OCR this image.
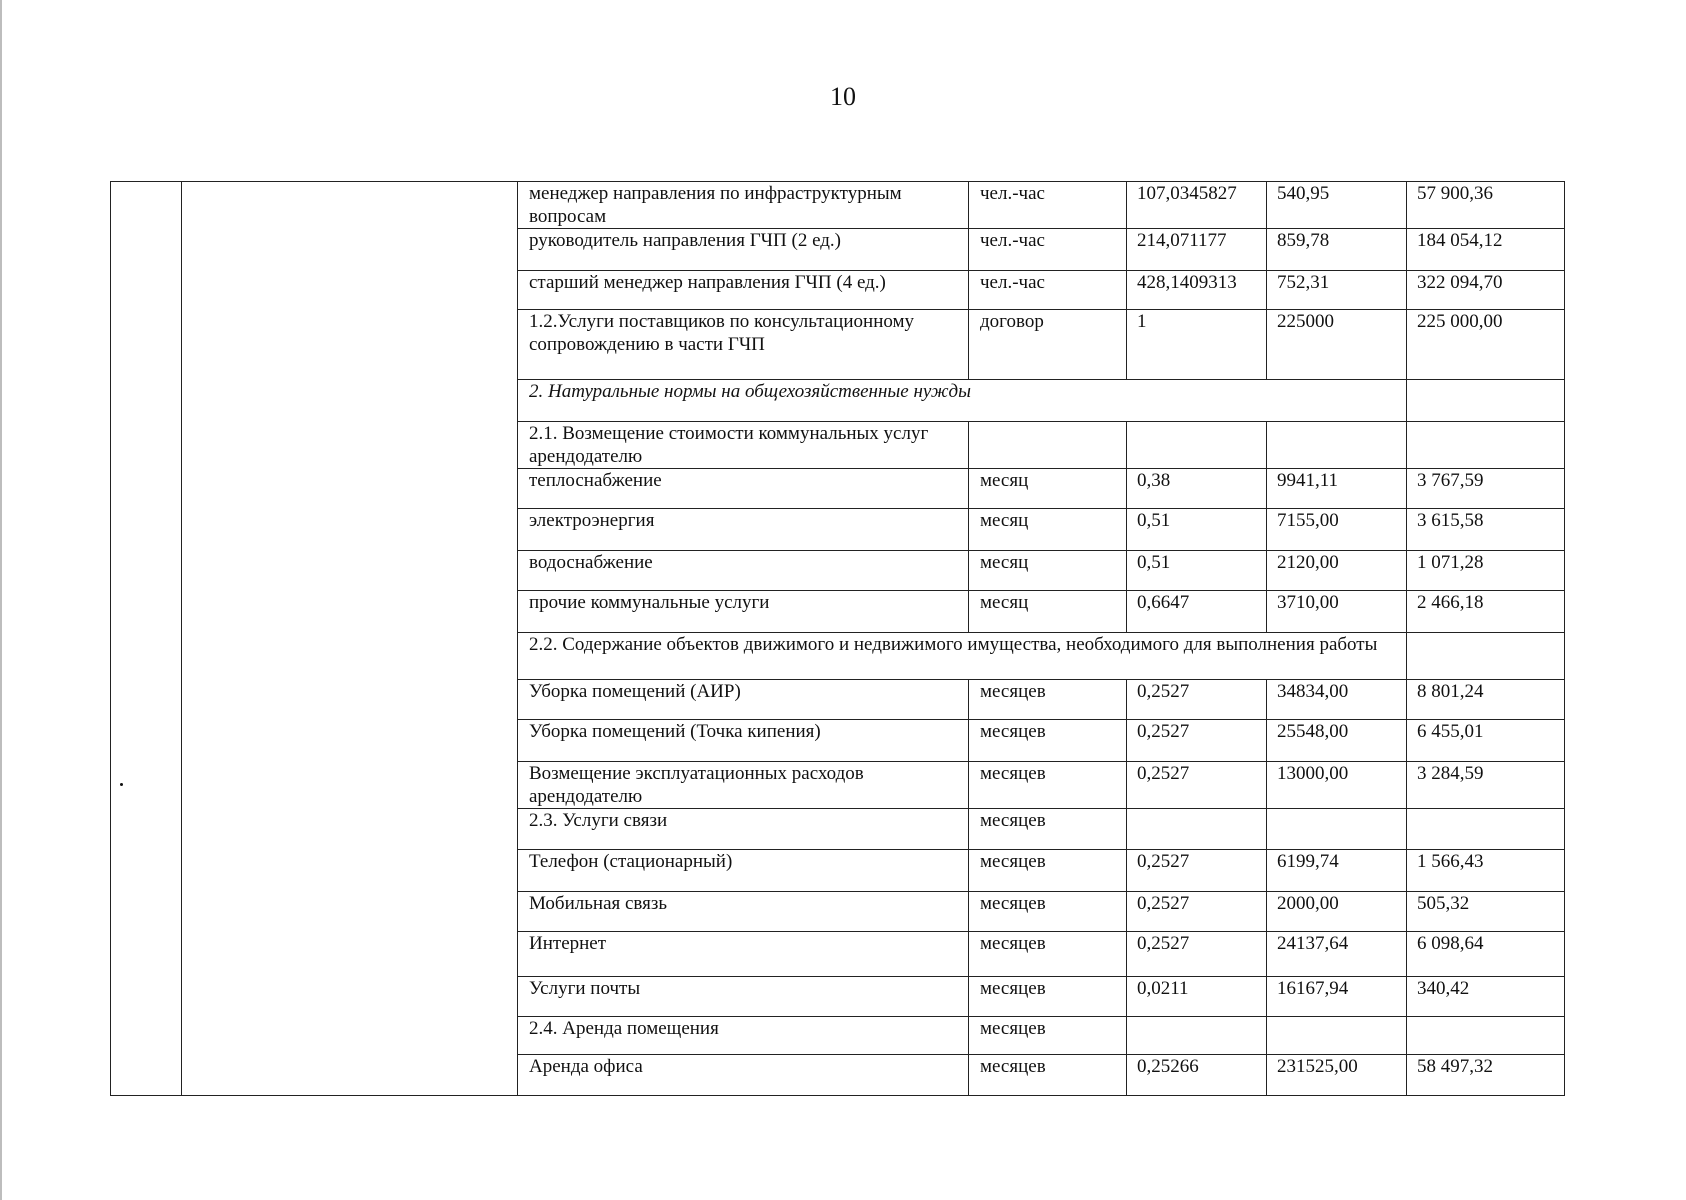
10
		менеджер направления по инфраструктурным вопросам	чел.-час	107,0345827	540,95	57 900,36
		руководитель направления ГЧП (2 ед.)	чел.-час	214,071177	859,78	184 054,12
		старший менеджер направления ГЧП (4 ед.)	чел.-час	428,1409313	752,31	322 094,70
		1.2.Услуги поставщиков по консультационному сопровождению в части ГЧП	договор	1	225000	225 000,00
		2. Натуральные нормы на общехозяйственные нужды				
		2.1. Возмещение стоимости коммунальных услуг арендодателю				
		теплоснабжение	месяц	0,38	9941,11	3 767,59
		электроэнергия	месяц	0,51	7155,00	3 615,58
		водоснабжение	месяц	0,51	2120,00	1 071,28
		прочие коммунальные услуги	месяц	0,6647	3710,00	2 466,18
		2.2. Содержание объектов движимого и недвижимого имущества, необходимого для выполнения работы				
		Уборка помещений (АИР)	месяцев	0,2527	34834,00	8 801,24
		Уборка помещений (Точка кипения)	месяцев	0,2527	25548,00	6 455,01
		Возмещение эксплуатационных расходов арендодателю	месяцев	0,2527	13000,00	3 284,59
		2.3. Услуги связи	месяцев			
		Телефон (стационарный)	месяцев	0,2527	6199,74	1 566,43
		Мобильная связь	месяцев	0,2527	2000,00	505,32
		Интернет	месяцев	0,2527	24137,64	6 098,64
		Услуги почты	месяцев	0,0211	16167,94	340,42
		2.4. Аренда помещения	месяцев			
		Аренда офиса	месяцев	0,25266	231525,00	58 497,32
